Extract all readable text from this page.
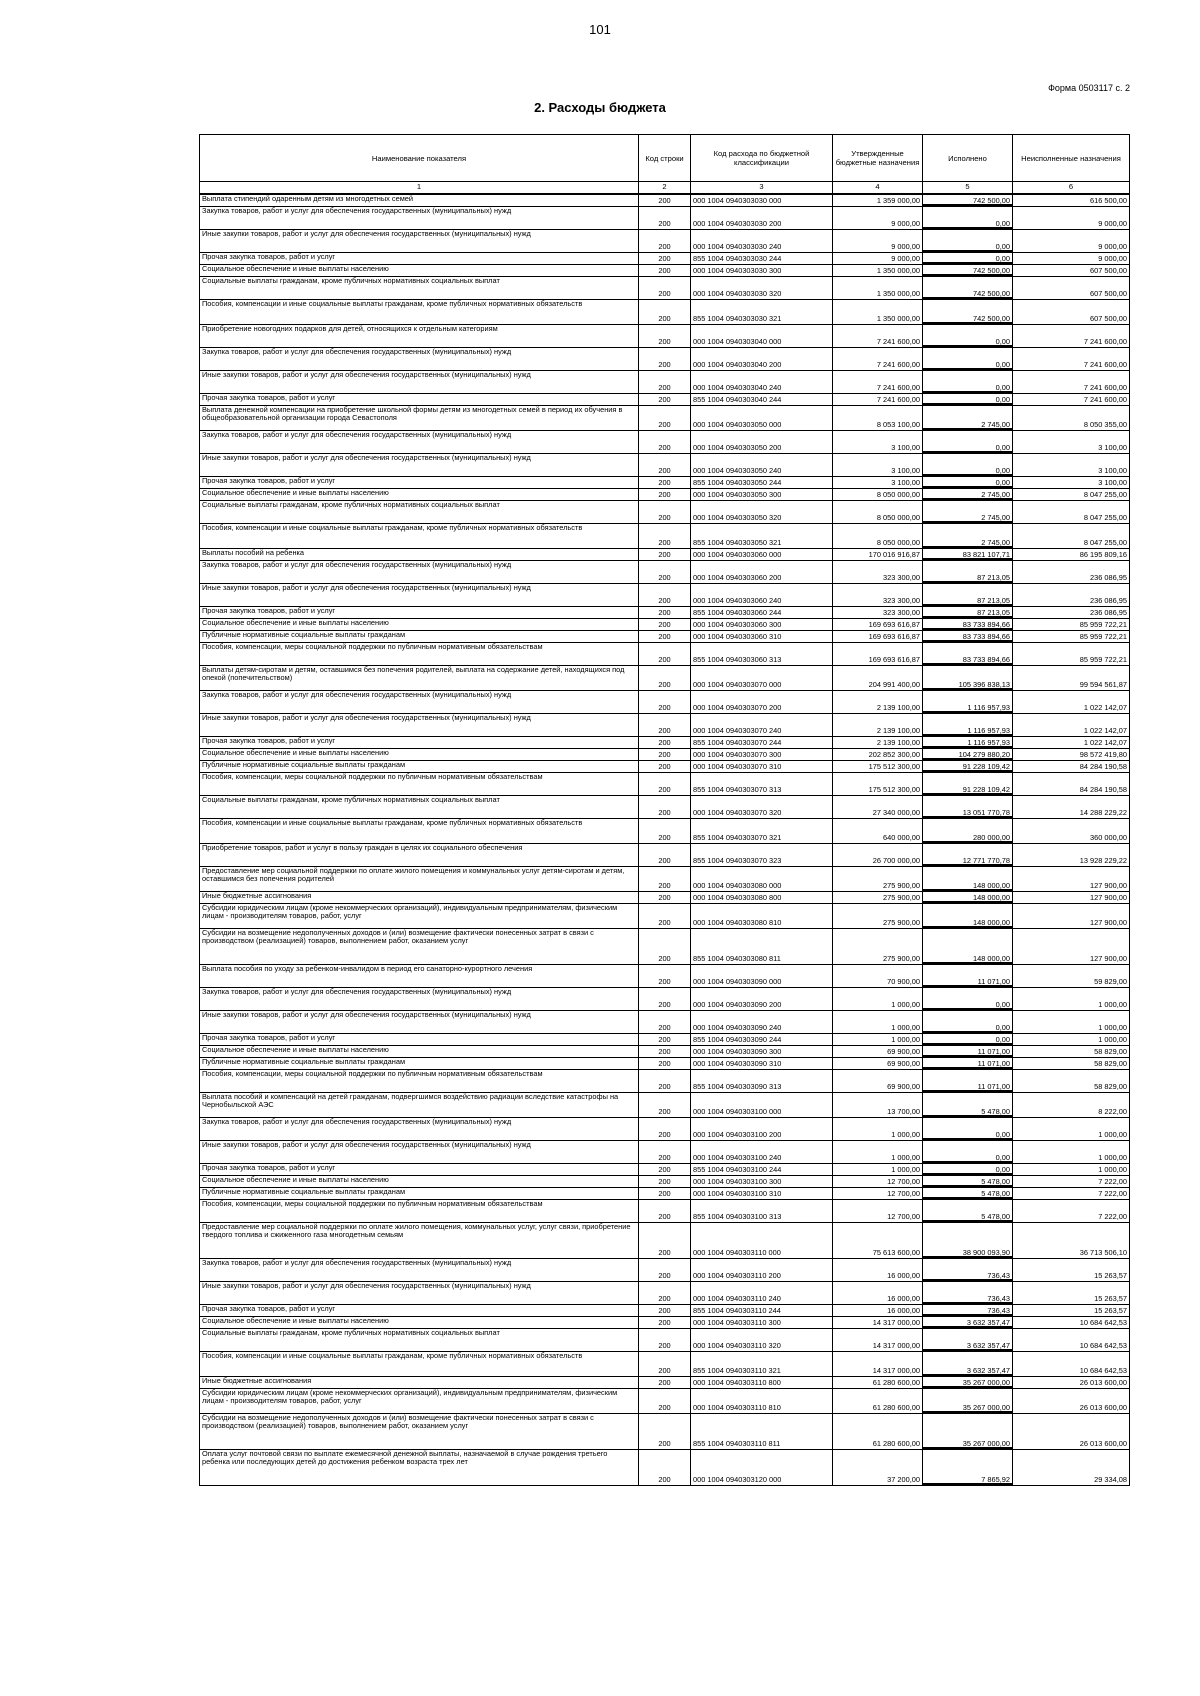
101
Форма 0503117 с. 2
2. Расходы бюджета
Наименование показателя	Код строки	Код расхода по бюджетной классификации	Утвержденные бюджетные назначения	Исполнено	Неисполненные назначения
1	2	3	4	5	6
Выплата стипендий одаренным детям из многодетных семей	200	000 1004 0940303030 000	1 359 000,00	742 500,00	616 500,00
Закупка товаров, работ и услуг для обеспечения государственных (муниципальных) нужд	200	000 1004 0940303030 200	9 000,00	0,00	9 000,00
Иные закупки товаров, работ и услуг для обеспечения государственных (муниципальных) нужд	200	000 1004 0940303030 240	9 000,00	0,00	9 000,00
Прочая закупка товаров, работ и услуг	200	855 1004 0940303030 244	9 000,00	0,00	9 000,00
Социальное обеспечение и иные выплаты населению	200	000 1004 0940303030 300	1 350 000,00	742 500,00	607 500,00
Социальные выплаты гражданам, кроме публичных нормативных социальных выплат	200	000 1004 0940303030 320	1 350 000,00	742 500,00	607 500,00
Пособия, компенсации и иные социальные выплаты гражданам, кроме публичных нормативных обязательств	200	855 1004 0940303030 321	1 350 000,00	742 500,00	607 500,00
Приобретение новогодних подарков для детей, относящихся к отдельным категориям	200	000 1004 0940303040 000	7 241 600,00	0,00	7 241 600,00
Закупка товаров, работ и услуг для обеспечения государственных (муниципальных) нужд	200	000 1004 0940303040 200	7 241 600,00	0,00	7 241 600,00
Иные закупки товаров, работ и услуг для обеспечения государственных (муниципальных) нужд	200	000 1004 0940303040 240	7 241 600,00	0,00	7 241 600,00
Прочая закупка товаров, работ и услуг	200	855 1004 0940303040 244	7 241 600,00	0,00	7 241 600,00
Выплата денежной компенсации на приобретение школьной формы детям из многодетных семей в период их обучения в общеобразовательной организации города Севастополя	200	000 1004 0940303050 000	8 053 100,00	2 745,00	8 050 355,00
Закупка товаров, работ и услуг для обеспечения государственных (муниципальных) нужд	200	000 1004 0940303050 200	3 100,00	0,00	3 100,00
Иные закупки товаров, работ и услуг для обеспечения государственных (муниципальных) нужд	200	000 1004 0940303050 240	3 100,00	0,00	3 100,00
Прочая закупка товаров, работ и услуг	200	855 1004 0940303050 244	3 100,00	0,00	3 100,00
Социальное обеспечение и иные выплаты населению	200	000 1004 0940303050 300	8 050 000,00	2 745,00	8 047 255,00
Социальные выплаты гражданам, кроме публичных нормативных социальных выплат	200	000 1004 0940303050 320	8 050 000,00	2 745,00	8 047 255,00
Пособия, компенсации и иные социальные выплаты гражданам, кроме публичных нормативных обязательств	200	855 1004 0940303050 321	8 050 000,00	2 745,00	8 047 255,00
Выплаты пособий на ребенка	200	000 1004 0940303060 000	170 016 916,87	83 821 107,71	86 195 809,16
Закупка товаров, работ и услуг для обеспечения государственных (муниципальных) нужд	200	000 1004 0940303060 200	323 300,00	87 213,05	236 086,95
Иные закупки товаров, работ и услуг для обеспечения государственных (муниципальных) нужд	200	000 1004 0940303060 240	323 300,00	87 213,05	236 086,95
Прочая закупка товаров, работ и услуг	200	855 1004 0940303060 244	323 300,00	87 213,05	236 086,95
Социальное обеспечение и иные выплаты населению	200	000 1004 0940303060 300	169 693 616,87	83 733 894,66	85 959 722,21
Публичные нормативные социальные выплаты гражданам	200	000 1004 0940303060 310	169 693 616,87	83 733 894,66	85 959 722,21
Пособия, компенсации, меры социальной поддержки по публичным нормативным обязательствам	200	855 1004 0940303060 313	169 693 616,87	83 733 894,66	85 959 722,21
Выплаты детям-сиротам и детям, оставшимся без попечения родителей, выплата на содержание детей, находящихся под опекой (попечительством)	200	000 1004 0940303070 000	204 991 400,00	105 396 838,13	99 594 561,87
Закупка товаров, работ и услуг для обеспечения государственных (муниципальных) нужд	200	000 1004 0940303070 200	2 139 100,00	1 116 957,93	1 022 142,07
Иные закупки товаров, работ и услуг для обеспечения государственных (муниципальных) нужд	200	000 1004 0940303070 240	2 139 100,00	1 116 957,93	1 022 142,07
Прочая закупка товаров, работ и услуг	200	855 1004 0940303070 244	2 139 100,00	1 116 957,93	1 022 142,07
Социальное обеспечение и иные выплаты населению	200	000 1004 0940303070 300	202 852 300,00	104 279 880,20	98 572 419,80
Публичные нормативные социальные выплаты гражданам	200	000 1004 0940303070 310	175 512 300,00	91 228 109,42	84 284 190,58
Пособия, компенсации, меры социальной поддержки по публичным нормативным обязательствам	200	855 1004 0940303070 313	175 512 300,00	91 228 109,42	84 284 190,58
Социальные выплаты гражданам, кроме публичных нормативных социальных выплат	200	000 1004 0940303070 320	27 340 000,00	13 051 770,78	14 288 229,22
Пособия, компенсации и иные социальные выплаты гражданам, кроме публичных нормативных обязательств	200	855 1004 0940303070 321	640 000,00	280 000,00	360 000,00
Приобретение товаров, работ и услуг в пользу граждан в целях их социального обеспечения	200	855 1004 0940303070 323	26 700 000,00	12 771 770,78	13 928 229,22
Предоставление мер социальной поддержки по оплате жилого помещения и коммунальных услуг детям-сиротам и детям, оставшимся без попечения родителей	200	000 1004 0940303080 000	275 900,00	148 000,00	127 900,00
Иные бюджетные ассигнования	200	000 1004 0940303080 800	275 900,00	148 000,00	127 900,00
Субсидии юридическим лицам (кроме некоммерческих организаций), индивидуальным предпринимателям, физическим лицам - производителям товаров, работ, услуг	200	000 1004 0940303080 810	275 900,00	148 000,00	127 900,00
Субсидии на возмещение недополученных доходов и (или) возмещение фактически понесенных затрат в связи с производством (реализацией) товаров, выполнением работ, оказанием услуг	200	855 1004 0940303080 811	275 900,00	148 000,00	127 900,00
Выплата пособия по уходу за ребенком-инвалидом в период его санаторно-курортного лечения	200	000 1004 0940303090 000	70 900,00	11 071,00	59 829,00
Закупка товаров, работ и услуг для обеспечения государственных (муниципальных) нужд	200	000 1004 0940303090 200	1 000,00	0,00	1 000,00
Иные закупки товаров, работ и услуг для обеспечения государственных (муниципальных) нужд	200	000 1004 0940303090 240	1 000,00	0,00	1 000,00
Прочая закупка товаров, работ и услуг	200	855 1004 0940303090 244	1 000,00	0,00	1 000,00
Социальное обеспечение и иные выплаты населению	200	000 1004 0940303090 300	69 900,00	11 071,00	58 829,00
Публичные нормативные социальные выплаты гражданам	200	000 1004 0940303090 310	69 900,00	11 071,00	58 829,00
Пособия, компенсации, меры социальной поддержки по публичным нормативным обязательствам	200	855 1004 0940303090 313	69 900,00	11 071,00	58 829,00
Выплата пособий и компенсаций на детей гражданам, подвергшимся воздействию радиации вследствие катастрофы на Чернобыльской АЭС	200	000 1004 0940303100 000	13 700,00	5 478,00	8 222,00
Закупка товаров, работ и услуг для обеспечения государственных (муниципальных) нужд	200	000 1004 0940303100 200	1 000,00	0,00	1 000,00
Иные закупки товаров, работ и услуг для обеспечения государственных (муниципальных) нужд	200	000 1004 0940303100 240	1 000,00	0,00	1 000,00
Прочая закупка товаров, работ и услуг	200	855 1004 0940303100 244	1 000,00	0,00	1 000,00
Социальное обеспечение и иные выплаты населению	200	000 1004 0940303100 300	12 700,00	5 478,00	7 222,00
Публичные нормативные социальные выплаты гражданам	200	000 1004 0940303100 310	12 700,00	5 478,00	7 222,00
Пособия, компенсации, меры социальной поддержки по публичным нормативным обязательствам	200	855 1004 0940303100 313	12 700,00	5 478,00	7 222,00
Предоставление мер социальной поддержки по оплате жилого помещения, коммунальных услуг, услуг связи, приобретение твердого топлива и сжиженного газа многодетным семьям	200	000 1004 0940303110 000	75 613 600,00	38 900 093,90	36 713 506,10
Закупка товаров, работ и услуг для обеспечения государственных (муниципальных) нужд	200	000 1004 0940303110 200	16 000,00	736,43	15 263,57
Иные закупки товаров, работ и услуг для обеспечения государственных (муниципальных) нужд	200	000 1004 0940303110 240	16 000,00	736,43	15 263,57
Прочая закупка товаров, работ и услуг	200	855 1004 0940303110 244	16 000,00	736,43	15 263,57
Социальное обеспечение и иные выплаты населению	200	000 1004 0940303110 300	14 317 000,00	3 632 357,47	10 684 642,53
Социальные выплаты гражданам, кроме публичных нормативных социальных выплат	200	000 1004 0940303110 320	14 317 000,00	3 632 357,47	10 684 642,53
Пособия, компенсации и иные социальные выплаты гражданам, кроме публичных нормативных обязательств	200	855 1004 0940303110 321	14 317 000,00	3 632 357,47	10 684 642,53
Иные бюджетные ассигнования	200	000 1004 0940303110 800	61 280 600,00	35 267 000,00	26 013 600,00
Субсидии юридическим лицам (кроме некоммерческих организаций), индивидуальным предпринимателям, физическим лицам - производителям товаров, работ, услуг	200	000 1004 0940303110 810	61 280 600,00	35 267 000,00	26 013 600,00
Субсидии на возмещение недополученных доходов и (или) возмещение фактически понесенных затрат в связи с производством (реализацией) товаров, выполнением работ, оказанием услуг	200	855 1004 0940303110 811	61 280 600,00	35 267 000,00	26 013 600,00
Оплата услуг почтовой связи по выплате ежемесячной денежной выплаты, назначаемой в случае рождения третьего ребенка или последующих детей до достижения ребенком возраста трех лет	200	000 1004 0940303120 000	37 200,00	7 865,92	29 334,08
